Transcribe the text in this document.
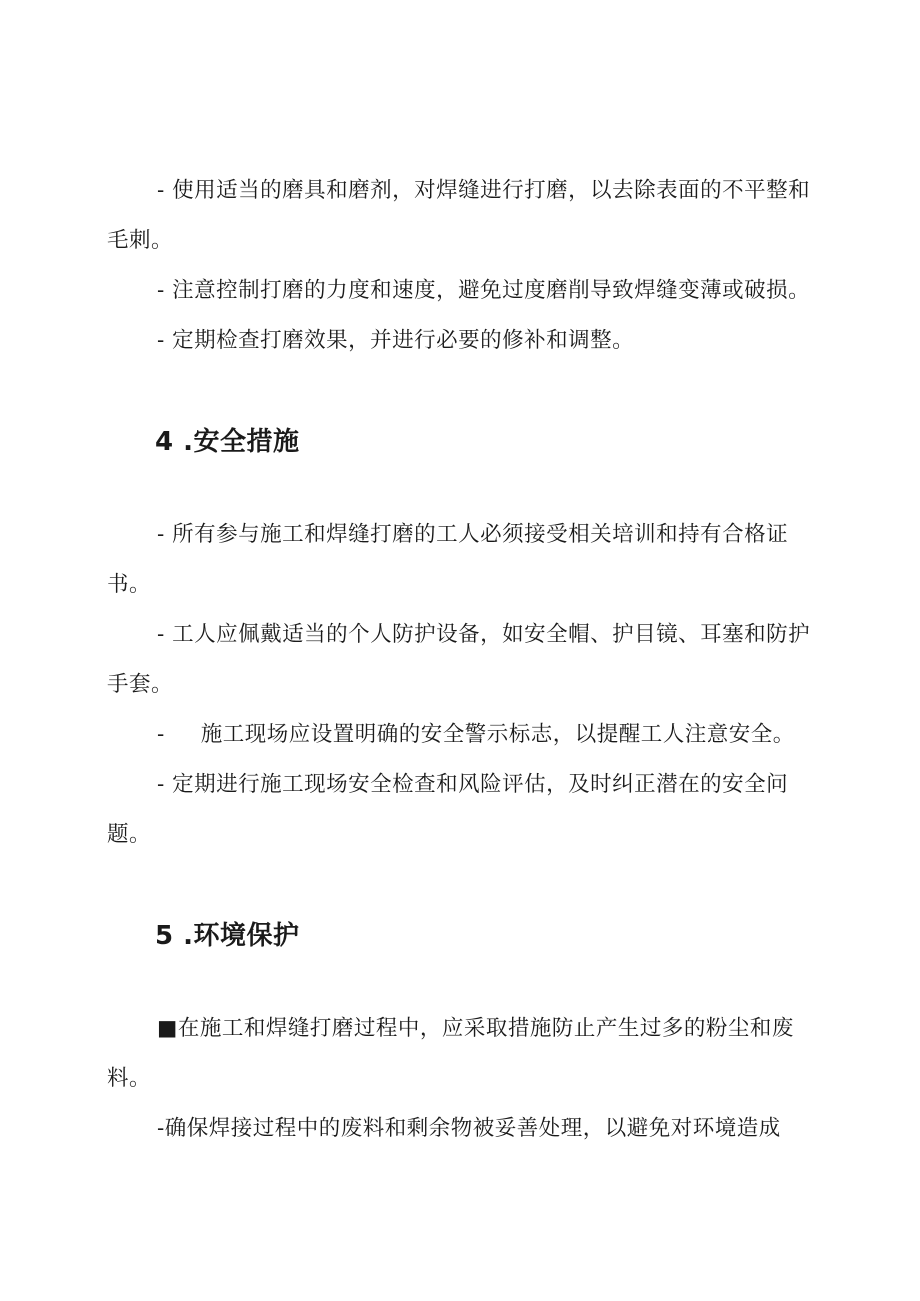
- 使用适当的磨具和磨剂，对焊缝进行打磨，以去除表面的不平整和毛刺。

- 注意控制打磨的力度和速度，避免过度磨削导致焊缝变薄或破损。

- 定期检查打磨效果，并进行必要的修补和调整。

4 .安全措施

- 所有参与施工和焊缝打磨的工人必须接受相关培训和持有合格证书。

- 工人应佩戴适当的个人防护设备，如安全帽、护目镜、耳塞和防护手套。

- 施工现场应设置明确的安全警示标志，以提醒工人注意安全。

- 定期进行施工现场安全检查和风险评估，及时纠正潜在的安全问题。

5 .环境保护

■在施工和焊缝打磨过程中，应采取措施防止产生过多的粉尘和废料。

-确保焊接过程中的废料和剩余物被妥善处理，以避免对环境造成
